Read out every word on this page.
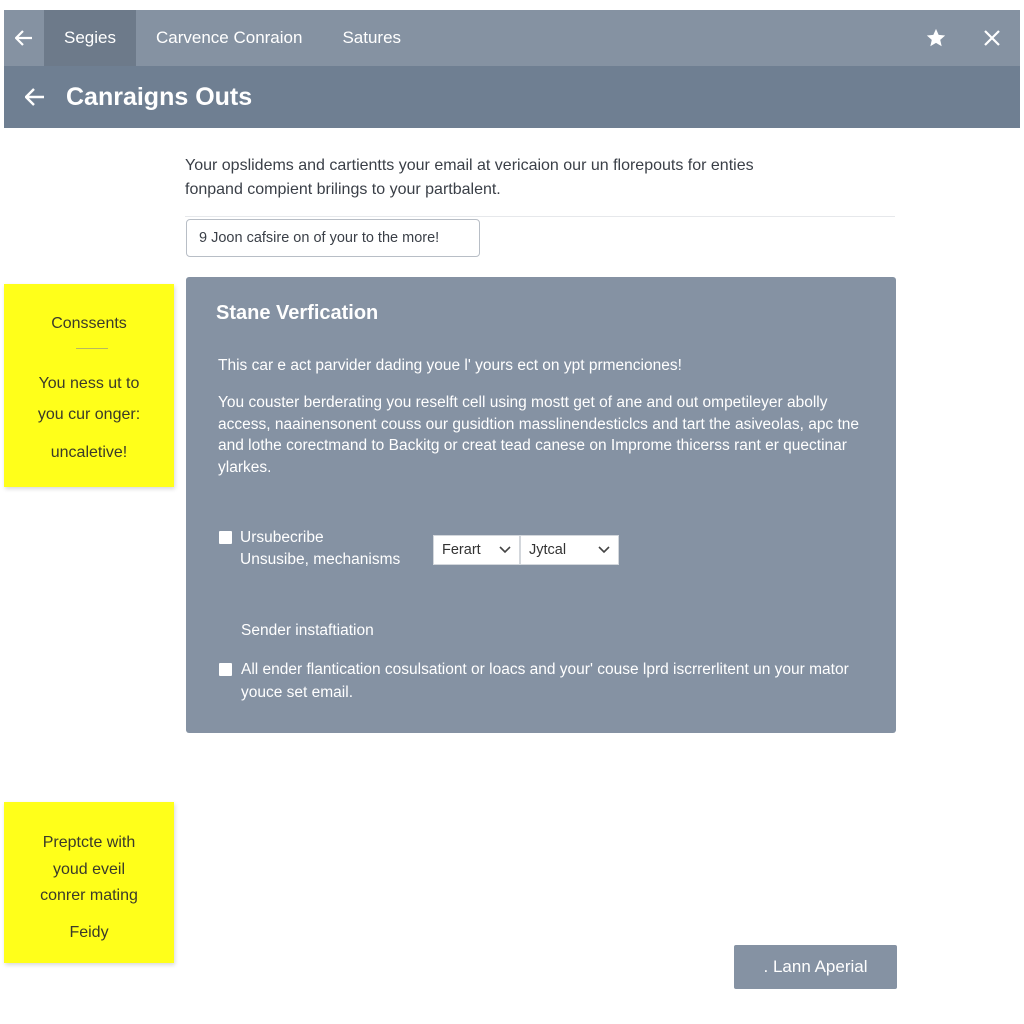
Segies	Carvence Conraion	Satures
Canraigns Outs
Your opslidems and cartientts your email at vericaion our un florepouts for enties
fonpand compient brilings to your partbalent.
9 Joon cafsire on of your to the more!
Conssents
You ness ut to
you cur onger:
uncaletive!
Stane Verfication
This car e act parvider dading youe l' yours ect on ypt prmenciones!
You couster berderating you reselft cell using mostt get of ane and out ompetileyer abolly access, naainensonent couss our gusidtion masslinendesticlcs and tart the asiveolas, apc tne and lothe corectmand to Backitg or creat tead canese on Improme thicerss rant er quectinar ylarkes.
Ursubecribe
Unsusibe, mechanisms
Ferart	Jytcal
Sender instaftiation
All ender flantication cosulsationt or loacs and your' couse lprd iscrrerlitent un your mator youce set email.
Preptcte with
youd eveil
conrer mating
Feidy
. Lann Aperial
